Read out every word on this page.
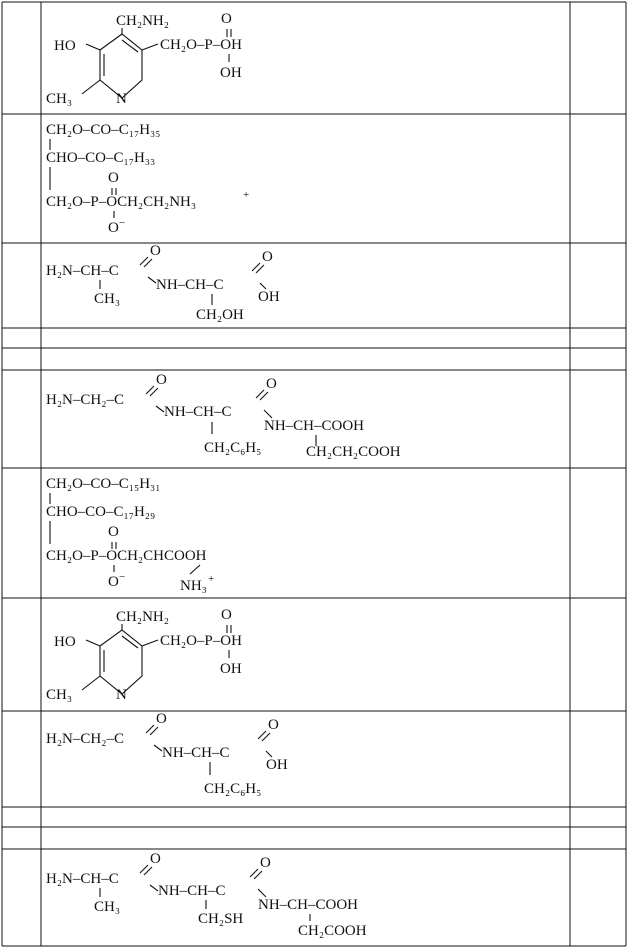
CH₂NH₂
HO	CH₂O–P–OH
O
OH
CH₃	N
CH₂O–CO–C₁₇H₃₅
CHO–CO–C₁₇H₃₃
CH₂O–P–OCH₂CH₂NH₃
O
O −
+
H₂N–CH–C
O
CH₃
NH–CH–C
O
OH
CH₂OH
H₂N–CH₂–C
O
NH–CH–C
O
CH₂C₆H₅
NH–CH–COOH
CH₂CH₂COOH
CH₂O–CO–C₁₅H₃₁
CHO–CO–C₁₇H₂₉
CH₂O–P–OCH₂CHCOOH
O
O −
NH₃ +
CH₂NH₂
HO	CH₂O–P–OH
O
OH
CH₃	N
H₂N–CH₂–C
O
NH–CH–C
O
OH
CH₂C₆H₅
H₂N–CH–C
O
CH₃
NH–CH–C
O
CH₂SH
NH–CH–COOH
CH₂COOH
